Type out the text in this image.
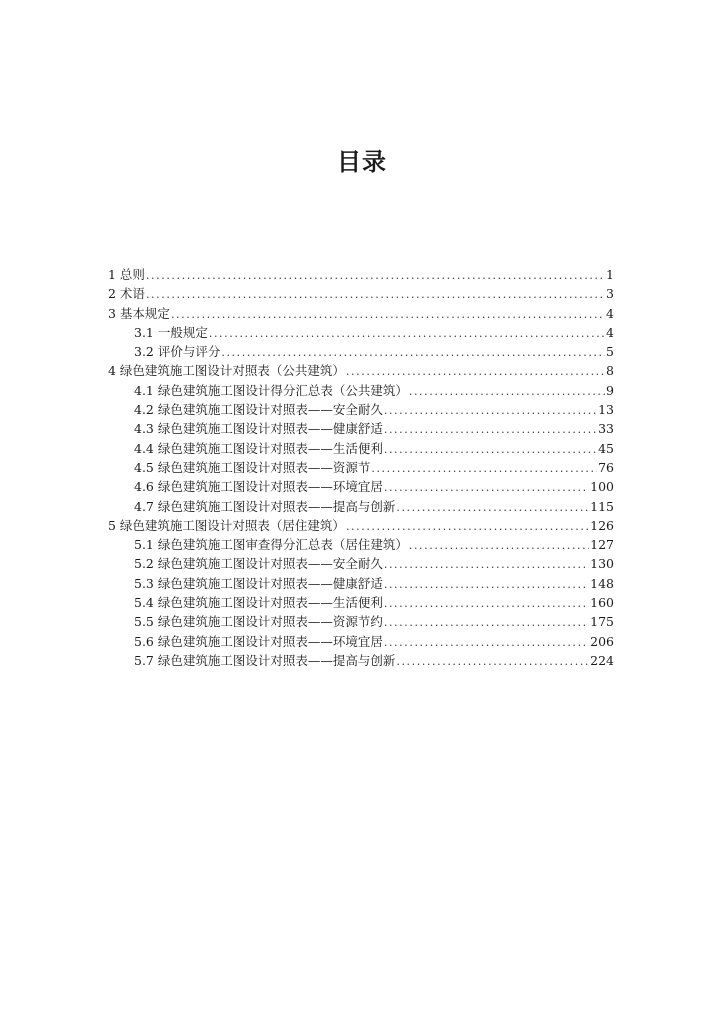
目录
1 总则 .....	1
2 术语 .....	3
3 基本规定 .....	4
3.1 一般规定 .....	4
3.2 评价与评分 .....	5
4 绿色建筑施工图设计对照表（公共建筑） .....	8
4.1 绿色建筑施工图设计得分汇总表（公共建筑） .....	9
4.2 绿色建筑施工图设计对照表——安全耐久 .....	13
4.3 绿色建筑施工图设计对照表——健康舒适 .....	33
4.4 绿色建筑施工图设计对照表——生活便利 .....	45
4.5 绿色建筑施工图设计对照表——资源节 .....	76
4.6 绿色建筑施工图设计对照表——环境宜居 .....	100
4.7 绿色建筑施工图设计对照表——提高与创新 .....	115
5 绿色建筑施工图设计对照表（居住建筑） .....	126
5.1 绿色建筑施工图审查得分汇总表（居住建筑） .....	127
5.2 绿色建筑施工图设计对照表——安全耐久 .....	130
5.3 绿色建筑施工图设计对照表——健康舒适 .....	148
5.4 绿色建筑施工图设计对照表——生活便利 .....	160
5.5 绿色建筑施工图设计对照表——资源节约 .....	175
5.6 绿色建筑施工图设计对照表——环境宜居 .....	206
5.7 绿色建筑施工图设计对照表——提高与创新 .....	224
